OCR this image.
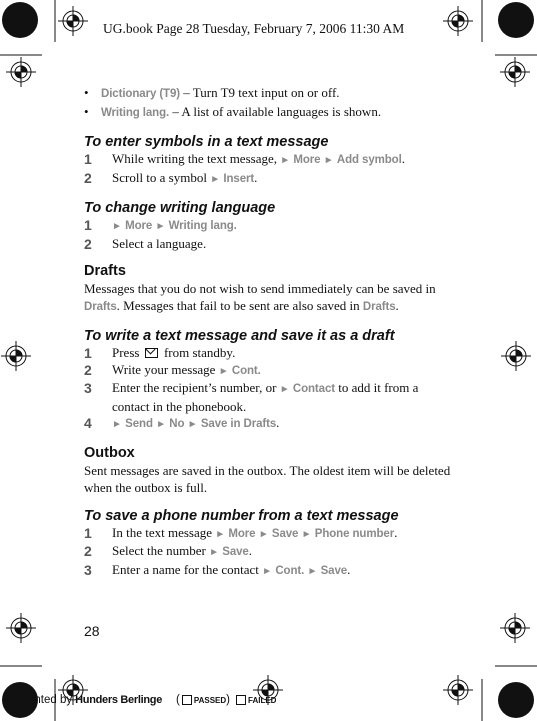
UG.book Page 28 Tuesday, February 7, 2006 11:30 AM
• Dictionary (T9) – Turn T9 text input on or off.
• Writing lang. – A list of available languages is shown.
To enter symbols in a text message
1	While writing the text message, ► More ► Add symbol.
2	Scroll to a symbol ► Insert.
To change writing language
1	► More ► Writing lang.
2	Select a language.
Drafts
Messages that you do not wish to send immediately can be saved in Drafts. Messages that fail to be sent are also saved in Drafts.
To write a text message and save it as a draft
1	Press  from standby.
2	Write your message ► Cont.
3	Enter the recipient’s number, or ► Contact to add it from a contact in the phonebook.
4	► Send ► No ► Save in Drafts.
Outbox
Sent messages are saved in the outbox. The oldest item will be deleted when the outbox is full.
To save a phone number from a text message
1	In the text message ► More ► Save ► Phone number.
2	Select the number ► Save.
3	Enter a name for the contact ► Cont. ► Save.
28
Prelighted by Hunders Berlinge ( PASSED ) FAILED
